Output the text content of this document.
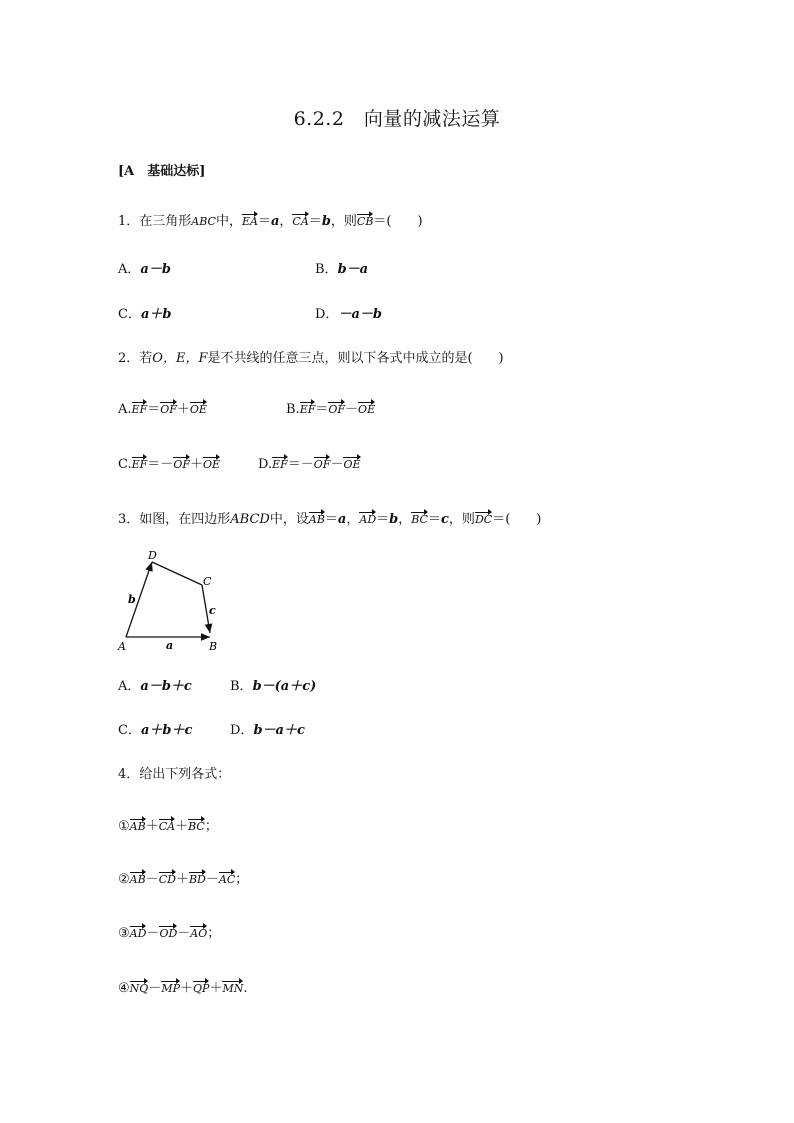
6.2.2　向量的减法运算
[A　基础达标]
1．在三角形ABC中，EA＝a，CA＝b，则CB＝(　　)
A．a－b	B．b－a
C．a＋b	D．－a－b
2．若O，E，F是不共线的任意三点，则以下各式中成立的是(　　)
A.EF＝OF＋OE	B.EF＝OF－OE
C.EF＝－OF＋OE	D.EF＝－OF－OE
3．如图，在四边形ABCD中，设AB＝a，AD＝b，BC＝c，则DC＝(　　)
D
C
A	B
b
a
c
A．a－b＋c	B．b－(a＋c)
C．a＋b＋c	D．b－a＋c
4．给出下列各式：
①AB＋CA＋BC；
②AB－CD＋BD－AC；
③AD－OD－AO；
④NQ－MP＋QP＋MN.
